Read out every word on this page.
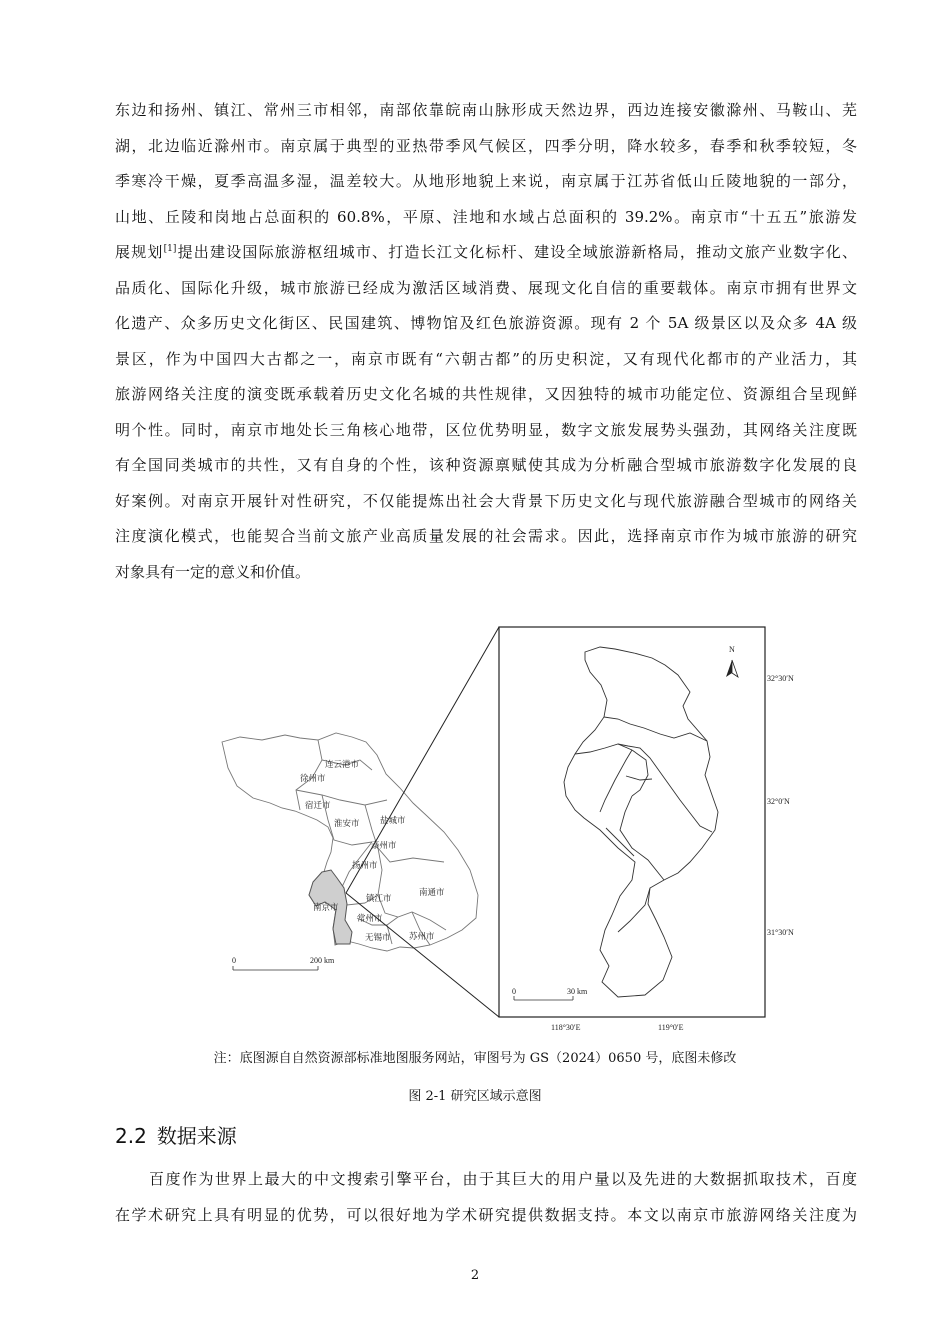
东边和扬州、镇江、常州三市相邻，南部依靠皖南山脉形成天然边界，西边连接安徽滁州、马鞍山、芜
湖，北边临近滁州市。南京属于典型的亚热带季风气候区，四季分明，降水较多，春季和秋季较短，冬
季寒冷干燥，夏季高温多湿，温差较大。从地形地貌上来说，南京属于江苏省低山丘陵地貌的一部分，
山地、丘陵和岗地占总面积的 60.8%，平原、洼地和水域占总面积的 39.2%。南京市“十五五”旅游发
展规划[1]提出建设国际旅游枢纽城市、打造长江文化标杆、建设全域旅游新格局，推动文旅产业数字化、
品质化、国际化升级，城市旅游已经成为激活区域消费、展现文化自信的重要载体。南京市拥有世界文
化遗产、众多历史文化街区、民国建筑、博物馆及红色旅游资源。现有 2 个 5A 级景区以及众多 4A 级
景区，作为中国四大古都之一，南京市既有“六朝古都”的历史积淀，又有现代化都市的产业活力，其
旅游网络关注度的演变既承载着历史文化名城的共性规律，又因独特的城市功能定位、资源组合呈现鲜
明个性。同时，南京市地处长三角核心地带，区位优势明显，数字文旅发展势头强劲，其网络关注度既
有全国同类城市的共性，又有自身的个性，该种资源禀赋使其成为分析融合型城市旅游数字化发展的良
好案例。对南京开展针对性研究，不仅能提炼出社会大背景下历史文化与现代旅游融合型城市的网络关
注度演化模式，也能契合当前文旅产业高质量发展的社会需求。因此，选择南京市作为城市旅游的研究
对象具有一定的意义和价值。
连云港市
徐州市
宿迁市
淮安市 盐城市
泰州市
扬州市
镇江市
南京市
南通市
常州市
无锡市 苏州市
0	200 km
N
32°30′N
32°0′N
31°30′N
118°30′E	119°0′E
0	30 km
注：底图源自自然资源部标准地图服务网站，审图号为 GS（2024）0650 号，底图未修改
图 2-1 研究区域示意图
2.2 数据来源
百度作为世界上最大的中文搜索引擎平台，由于其巨大的用户量以及先进的大数据抓取技术，百度
在学术研究上具有明显的优势，可以很好地为学术研究提供数据支持。本文以南京市旅游网络关注度为
2
